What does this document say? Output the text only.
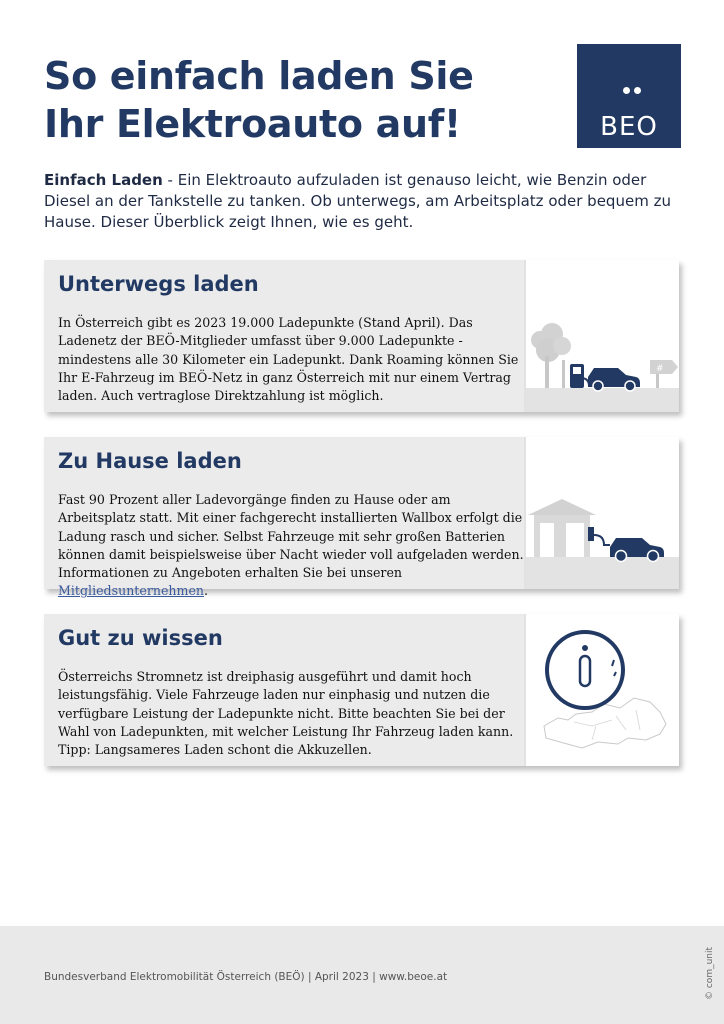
So einfach laden Sie
Ihr Elektroauto auf!	BEO
Einfach Laden - Ein Elektroauto aufzuladen ist genauso leicht, wie Benzin oder Diesel an der Tankstelle zu tanken. Ob unterwegs, am Arbeitsplatz oder bequem zu Hause. Dieser Überblick zeigt Ihnen, wie es geht.
Unterwegs laden
In Österreich gibt es 2023 19.000 Ladepunkte (Stand April). Das Ladenetz der BEÖ-Mitglieder umfasst über 9.000 Ladepunkte - mindestens alle 30 Kilometer ein Ladepunkt. Dank Roaming können Sie Ihr E-Fahrzeug im BEÖ-Netz in ganz Österreich mit nur einem Vertrag laden. Auch vertraglose Direktzahlung ist möglich.
#
Zu Hause laden
Fast 90 Prozent aller Ladevorgänge finden zu Hause oder am Arbeitsplatz statt. Mit einer fachgerecht installierten Wallbox erfolgt die Ladung rasch und sicher. Selbst Fahrzeuge mit sehr großen Batterien können damit beispielsweise über Nacht wieder voll aufgeladen werden. Informationen zu Angeboten erhalten Sie bei unseren Mitgliedsunternehmen.
Gut zu wissen
Österreichs Stromnetz ist dreiphasig ausgeführt und damit hoch leistungsfähig. Viele Fahrzeuge laden nur einphasig und nutzen die verfügbare Leistung der Ladepunkte nicht. Bitte beachten Sie bei der Wahl von Ladepunkten, mit welcher Leistung Ihr Fahrzeug laden kann. Tipp: Langsameres Laden schont die Akkuzellen.
Bundesverband Elektromobilität Österreich (BEÖ) | April 2023 | www.beoe.at	© com_unit
